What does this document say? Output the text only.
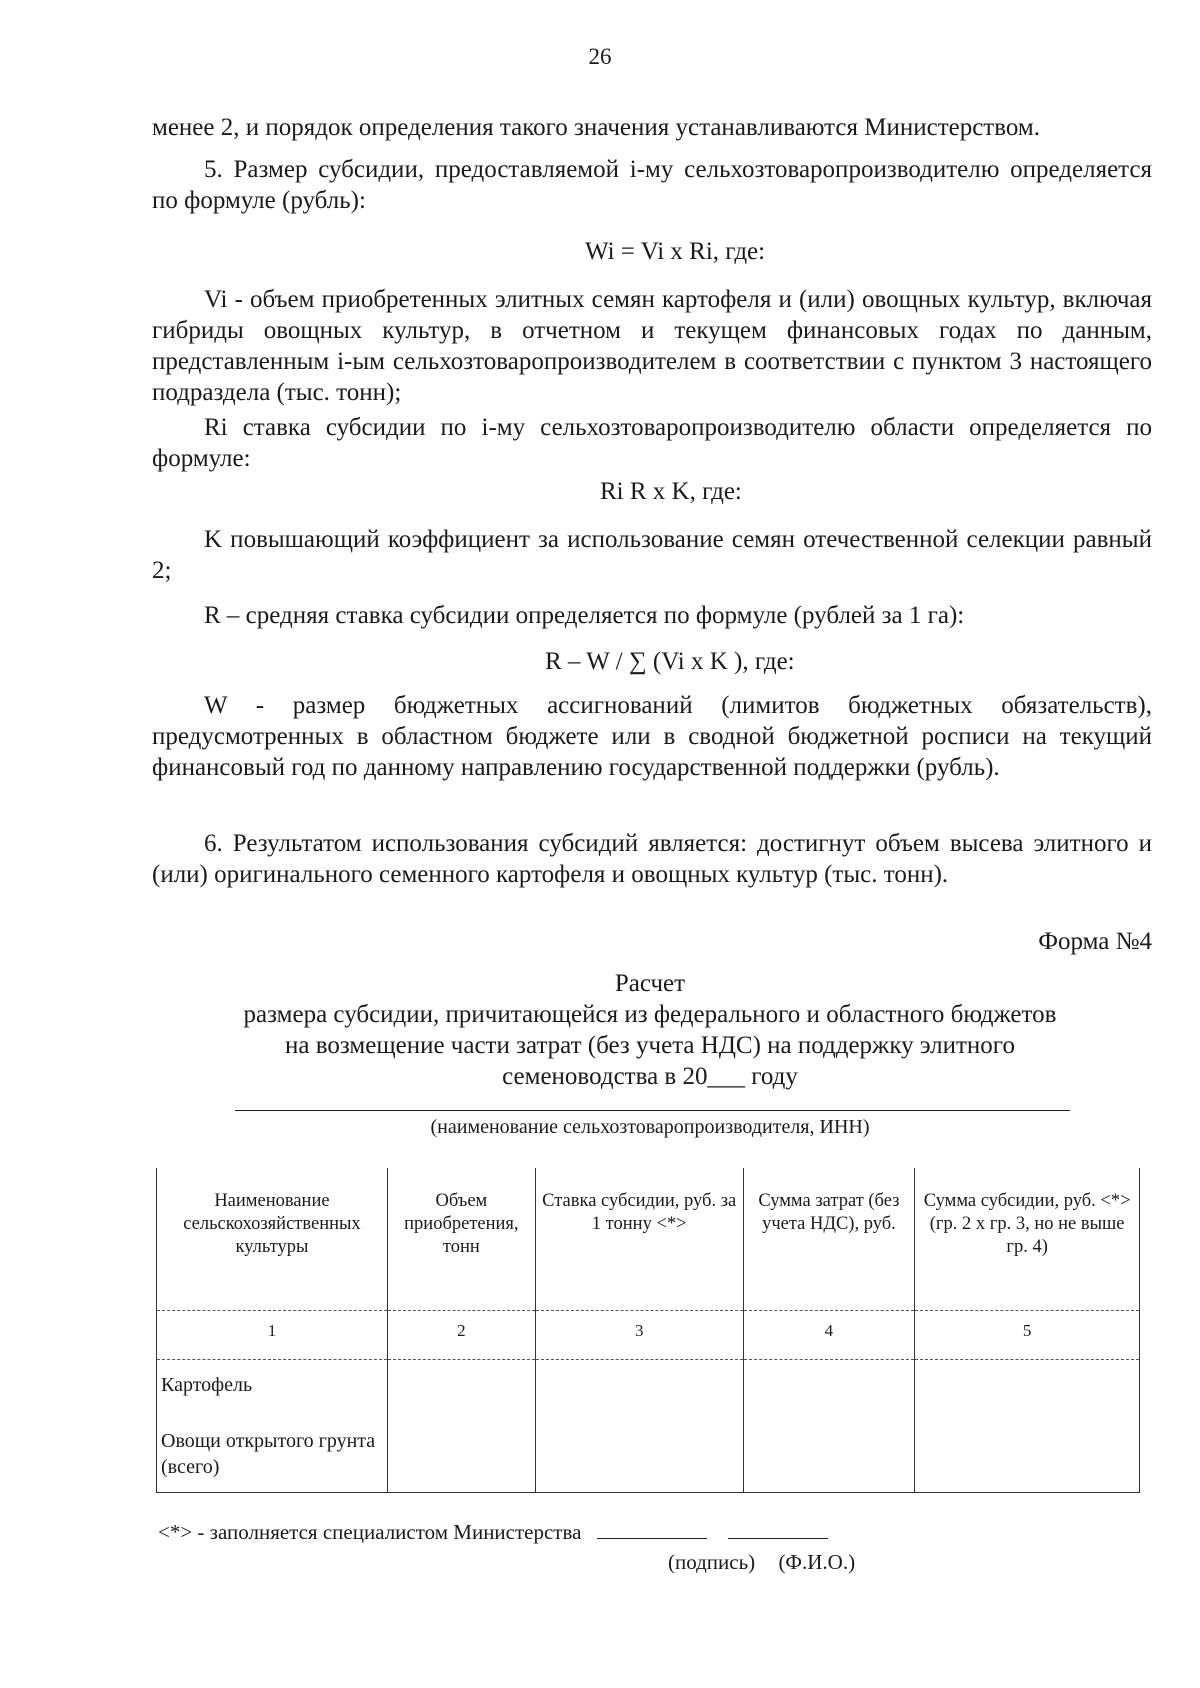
26

менее 2, и порядок определения такого значения устанавливаются Министерством.

5. Размер субсидии, предоставляемой i-му сельхозтоваропроизводителю определяется по формуле (рубль):

Wi = Vi x Ri, где:

Vi - объем приобретенных элитных семян картофеля и (или) овощных культур, включая гибриды овощных культур, в отчетном и текущем финансовых годах по данным, представленным i-ым сельхозтоваропроизводителем в соответствии с пунктом 3 настоящего подраздела (тыс. тонн);

Ri ставка субсидии по i-му сельхозтоваропроизводителю области определяется по формуле:

Ri R x K, где:

K повышающий коэффициент за использование семян отечественной селекции равный 2;

R – средняя ставка субсидии определяется по формуле (рублей за 1 га):

R – W / ∑ (Vi x K ), где:

W - размер бюджетных ассигнований (лимитов бюджетных обязательств), предусмотренных в областном бюджете или в сводной бюджетной росписи на текущий финансовый год по данному направлению государственной поддержки (рубль).

6. Результатом использования субсидий является: достигнут объем высева элитного и (или) оригинального семенного картофеля и овощных культур (тыс. тонн).

Форма №4
Расчет
размера субсидии, причитающейся из федерального и областного бюджетов
на возмещение части затрат (без учета НДС) на поддержку элитного
семеноводства в 20___ году
(наименование сельхозтоваропроизводителя, ИНН)
Наименование сельскохозяйственных культуры	Объем приобретения, тонн	Ставка субсидии, руб. за 1 тонну <*>	Сумма затрат (без учета НДС), руб.	Сумма субсидии, руб. <*> (гр. 2 х гр. 3, но не выше гр. 4)
1	2	3	4	5
Картофель				
Овощи открытого грунта (всего)				
<*> - заполняется специалистом Министерства
(подпись) (Ф.И.О.)
